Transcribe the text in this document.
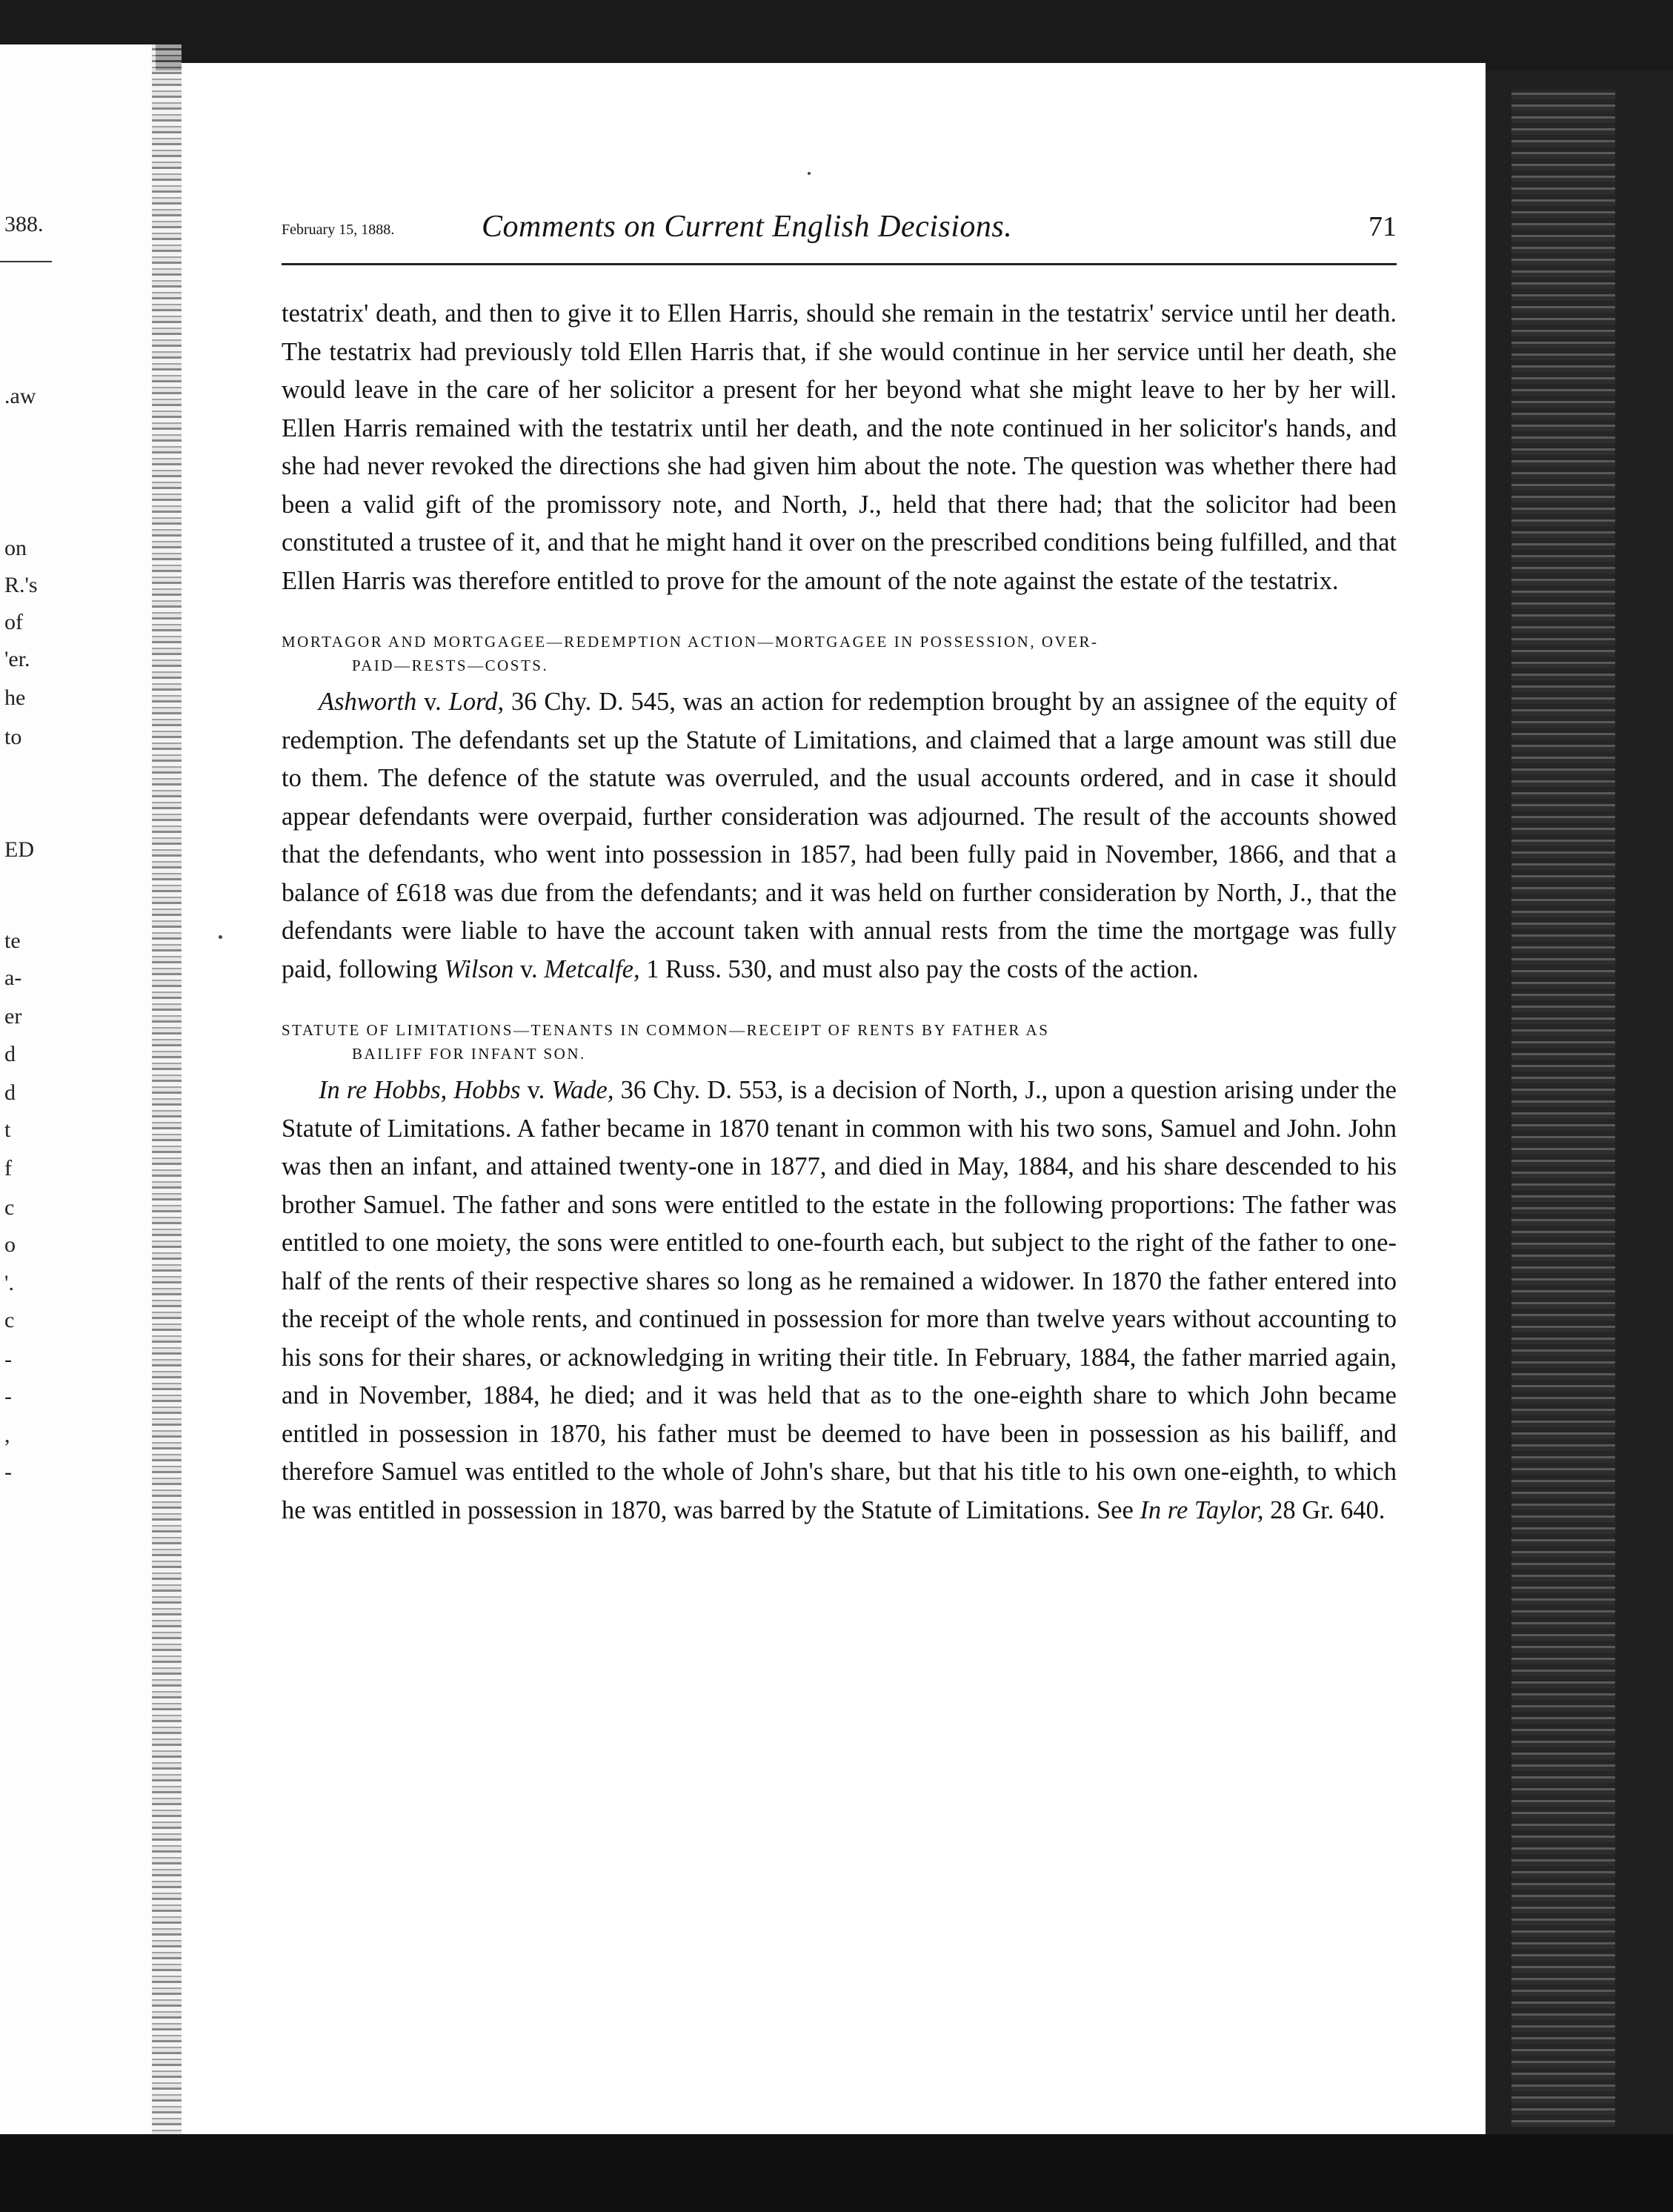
388.
.aw
on
R.'s
of
'er.
he
to
ED
te
a-
er
d
d
t
f
c
o
'.
c
-
-
,
-
February 15, 1888.	Comments on Current English Decisions.	71

testatrix' death, and then to give it to Ellen Harris, should she remain in the testatrix' service until her death. The testatrix had previously told Ellen Harris that, if she would continue in her service until her death, she would leave in the care of her solicitor a present for her beyond what she might leave to her by her will. Ellen Harris remained with the testatrix until her death, and the note continued in her solicitor's hands, and she had never revoked the directions she had given him about the note. The question was whether there had been a valid gift of the promissory note, and North, J., held that there had; that the solicitor had been constituted a trustee of it, and that he might hand it over on the prescribed conditions being fulfilled, and that Ellen Harris was therefore entitled to prove for the amount of the note against the estate of the testatrix.

MORTAGOR AND MORTGAGEE—REDEMPTION ACTION—MORTGAGEE IN POSSESSION, OVER-
PAID—RESTS—COSTS.

Ashworth v. Lord, 36 Chy. D. 545, was an action for redemption brought by an assignee of the equity of redemption. The defendants set up the Statute of Limitations, and claimed that a large amount was still due to them. The defence of the statute was overruled, and the usual accounts ordered, and in case it should appear defendants were overpaid, further consideration was adjourned. The result of the accounts showed that the defendants, who went into possession in 1857, had been fully paid in November, 1866, and that a balance of £618 was due from the defendants; and it was held on further consideration by North, J., that the defendants were liable to have the account taken with annual rests from the time the mortgage was fully paid, following Wilson v. Metcalfe, 1 Russ. 530, and must also pay the costs of the action.

STATUTE OF LIMITATIONS—TENANTS IN COMMON—RECEIPT OF RENTS BY FATHER AS
BAILIFF FOR INFANT SON.

In re Hobbs, Hobbs v. Wade, 36 Chy. D. 553, is a decision of North, J., upon a question arising under the Statute of Limitations. A father became in 1870 tenant in common with his two sons, Samuel and John. John was then an infant, and attained twenty-one in 1877, and died in May, 1884, and his share descended to his brother Samuel. The father and sons were entitled to the estate in the following proportions: The father was entitled to one moiety, the sons were entitled to one-fourth each, but subject to the right of the father to one-half of the rents of their respective shares so long as he remained a widower. In 1870 the father entered into the receipt of the whole rents, and continued in possession for more than twelve years without accounting to his sons for their shares, or acknowledging in writing their title. In February, 1884, the father married again, and in November, 1884, he died; and it was held that as to the one-eighth share to which John became entitled in possession in 1870, his father must be deemed to have been in possession as his bailiff, and therefore Samuel was entitled to the whole of John's share, but that his title to his own one-eighth, to which he was entitled in possession in 1870, was barred by the Statute of Limitations. See In re Taylor, 28 Gr. 640.
